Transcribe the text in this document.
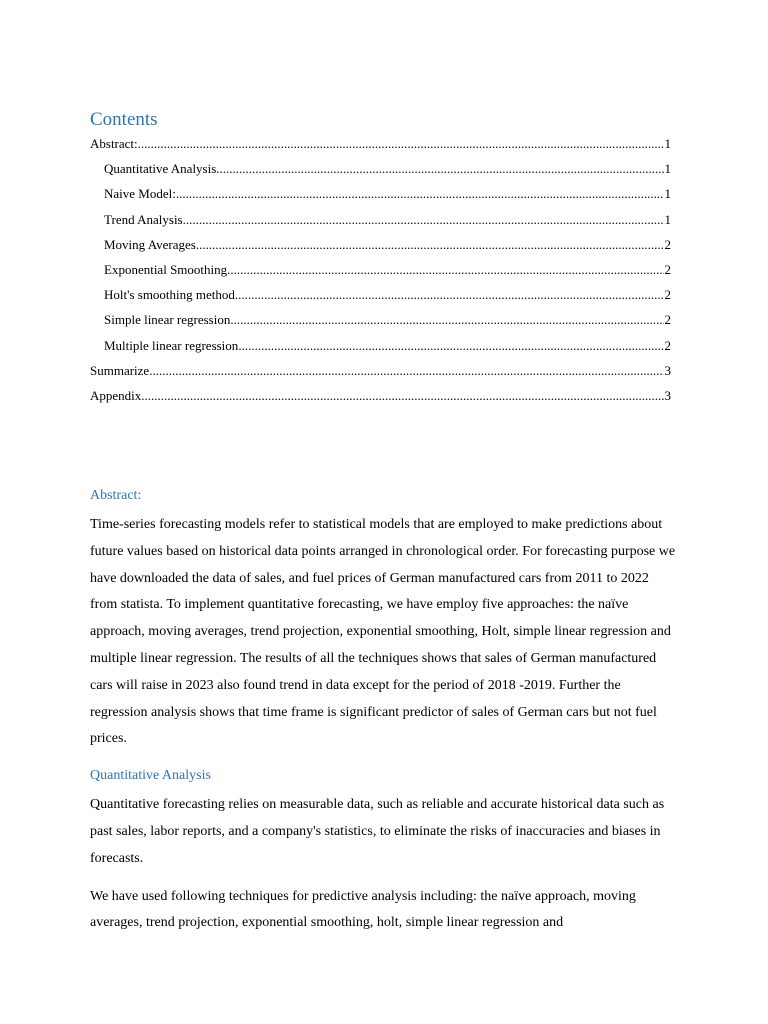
Contents
Abstract: .....	1
Quantitative Analysis .....	1
Naive Model: .....	1
Trend Analysis .....	1
Moving Averages .....	2
Exponential Smoothing .....	2
Holt's smoothing method .....	2
Simple linear regression .....	2
Multiple linear regression .....	2
Summarize .....	3
Appendix .....	3
Abstract:

Time-series forecasting models refer to statistical models that are employed to make predictions about future values based on historical data points arranged in chronological order. For forecasting purpose we have downloaded the data of sales, and fuel prices of German manufactured cars from 2011 to 2022 from statista. To implement quantitative forecasting, we have employ five approaches: the naïve approach, moving averages, trend projection, exponential smoothing, Holt, simple linear regression and multiple linear regression. The results of all the techniques shows that sales of German manufactured cars will raise in 2023 also found trend in data except for the period of 2018 -2019. Further the regression analysis shows that time frame is significant predictor of sales of German cars but not fuel prices.

Quantitative Analysis

Quantitative forecasting relies on measurable data, such as reliable and accurate historical data such as past sales, labor reports, and a company's statistics, to eliminate the risks of inaccuracies and biases in forecasts.

We have used following techniques for predictive analysis including: the naïve approach, moving averages, trend projection, exponential smoothing, holt, simple linear regression and
